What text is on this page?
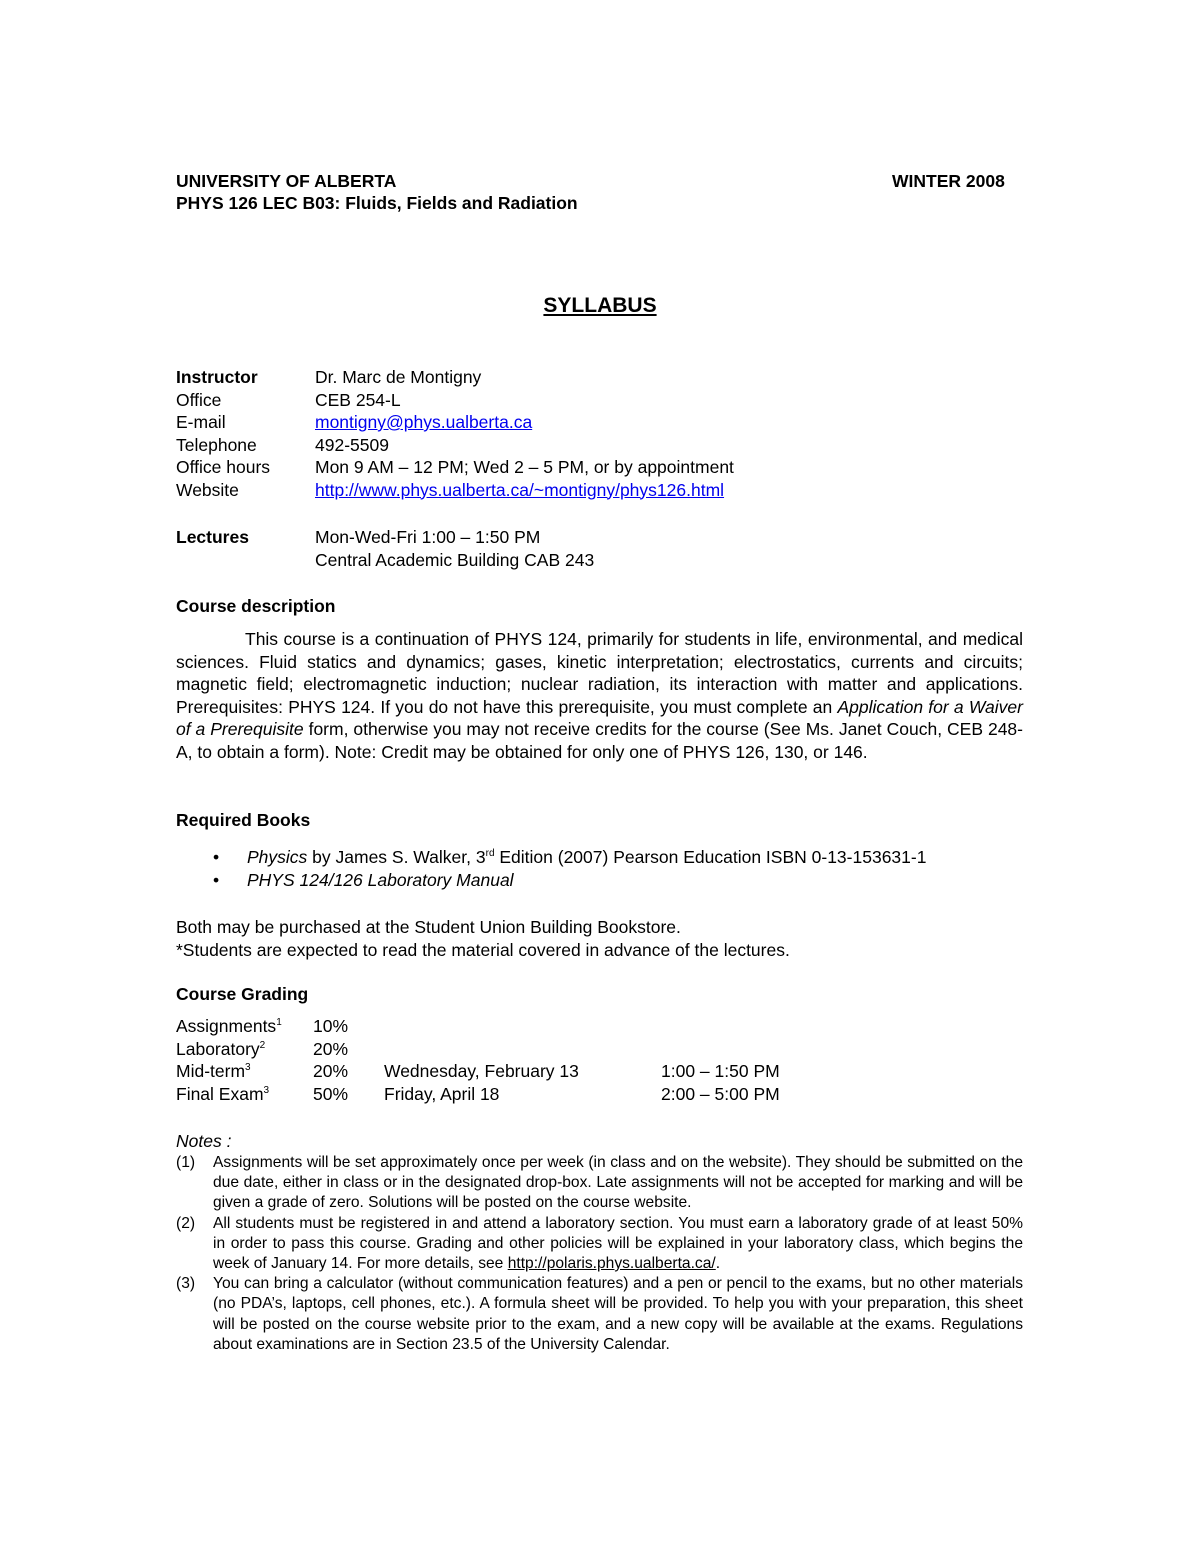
UNIVERSITY OF ALBERTA	WINTER 2008
PHYS 126 LEC B03: Fluids, Fields and Radiation
SYLLABUS
Instructor	Dr. Marc de Montigny
Office	CEB 254-L
E-mail	montigny@phys.ualberta.ca
Telephone	492-5509
Office hours	Mon 9 AM – 12 PM; Wed 2 – 5 PM, or by appointment
Website	http://www.phys.ualberta.ca/~montigny/phys126.html
Lectures	Mon-Wed-Fri 1:00 – 1:50 PM
Central Academic Building CAB 243
Course description

This course is a continuation of PHYS 124, primarily for students in life, environmental, and medical sciences. Fluid statics and dynamics; gases, kinetic interpretation; electrostatics, currents and circuits; magnetic field; electromagnetic induction; nuclear radiation, its interaction with matter and applications. Prerequisites: PHYS 124. If you do not have this prerequisite, you must complete an Application for a Waiver of a Prerequisite form, otherwise you may not receive credits for the course (See Ms. Janet Couch, CEB 248-A, to obtain a form). Note: Credit may be obtained for only one of PHYS 126, 130, or 146.

Required Books
• Physics by James S. Walker, 3rd Edition (2007) Pearson Education ISBN 0-13-153631-1
• PHYS 124/126 Laboratory Manual
Both may be purchased at the Student Union Building Bookstore.
*Students are expected to read the material covered in advance of the lectures.
Course Grading
Assignments$^1$	10%		
Laboratory$^2$	20%		
Mid-term$^3$	20%	Wednesday, February 13	1:00 – 1:50 PM
Final Exam$^3$	50%	Friday, April 18	2:00 – 5:00 PM
Notes :
(1) Assignments will be set approximately once per week (in class and on the website). They should be submitted on the due date, either in class or in the designated drop-box. Late assignments will not be accepted for marking and will be given a grade of zero. Solutions will be posted on the course website.
(2) All students must be registered in and attend a laboratory section. You must earn a laboratory grade of at least 50% in order to pass this course. Grading and other policies will be explained in your laboratory class, which begins the week of January 14. For more details, see http://polaris.phys.ualberta.ca/.
(3) You can bring a calculator (without communication features) and a pen or pencil to the exams, but no other materials (no PDA’s, laptops, cell phones, etc.). A formula sheet will be provided. To help you with your preparation, this sheet will be posted on the course website prior to the exam, and a new copy will be available at the exams. Regulations about examinations are in Section 23.5 of the University Calendar.
